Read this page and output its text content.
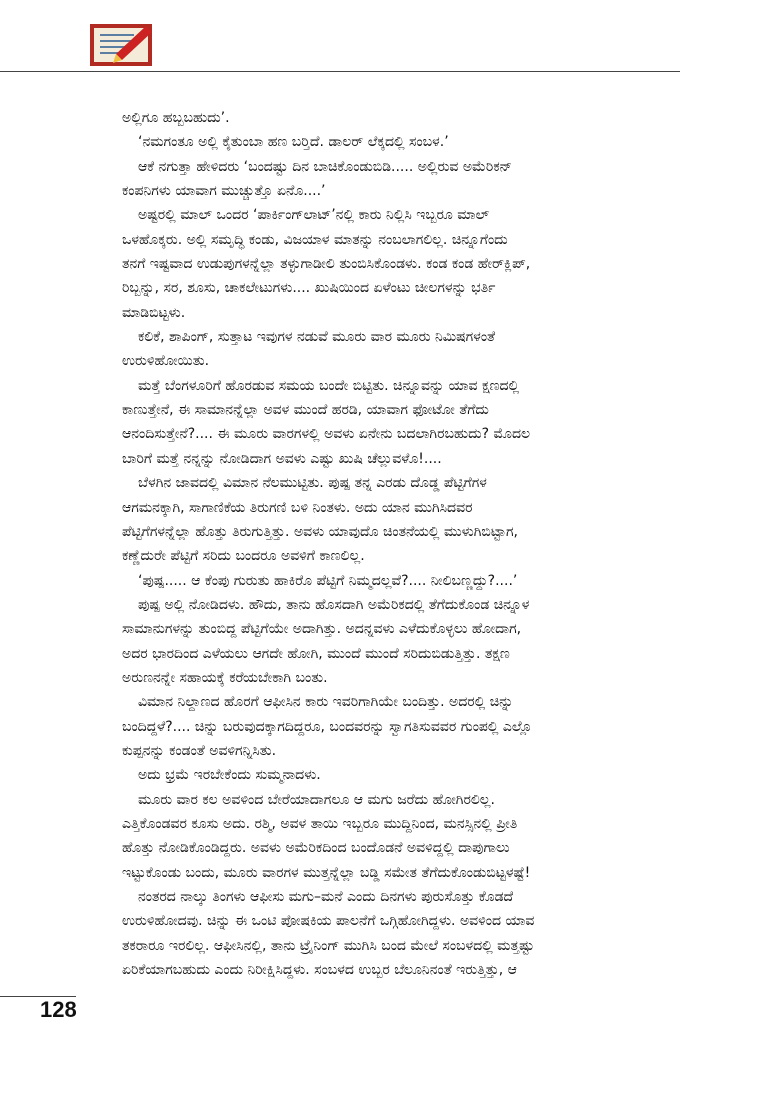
ಅಲ್ಲಿಗೂ ಹಬ್ಬಬಹುದು’.
‘ನಮಗಂತೂ ಅಲ್ಲಿ ಕೈತುಂಬಾ ಹಣ ಬರ್‍ತಿದೆ. ಡಾಲರ್ ಲೆಕ್ಕದಲ್ಲಿ ಸಂಬಳ.’
ಆಕೆ ನಗುತ್ತಾ ಹೇಳಿದರು ‘ಬಂದಷ್ಟು ದಿನ ಬಾಚಿಕೊಂಡುಬಿಡಿ..... ಅಲ್ಲಿರುವ ಅಮೆರಿಕನ್
ಕಂಪನಿಗಳು ಯಾವಾಗ ಮುಚ್ಚುತ್ತೊ ಏನೊ....’
ಅಷ್ಟರಲ್ಲಿ ಮಾಲ್ ಒಂದರ ‘ಪಾರ್ಕಿಂಗ್‌ಲಾಟ್’ನಲ್ಲಿ ಕಾರು ನಿಲ್ಲಿಸಿ ಇಬ್ಬರೂ ಮಾಲ್
ಒಳಹೊಕ್ಕರು. ಅಲ್ಲಿ ಸಮೃದ್ಧಿ ಕಂಡು, ವಿಜಯಾಳ ಮಾತನ್ನು ನಂಬಲಾಗಲಿಲ್ಲ. ಚಿನ್ನೂಗೆಂದು
ತನಗೆ ಇಷ್ಟವಾದ ಉಡುಪುಗಳನ್ನೆಲ್ಲಾ ತಳ್ಳುಗಾಡೀಲಿ ತುಂಬಿಸಿಕೊಂಡಳು. ಕಂಡ ಕಂಡ ಹೇರ್‌ಕ್ಲಿಪ್,
ರಿಬ್ಬನ್ನು, ಸರ, ಶೂಸು, ಚಾಕಲೇಟುಗಳು.... ಖುಷಿಯಿಂದ ಏಳೆಂಟು ಚೀಲಗಳನ್ನು ಭರ್ತಿ
ಮಾಡಿಬಿಟ್ಟಳು.
ಕಲಿಕೆ, ಶಾಪಿಂಗ್, ಸುತ್ತಾಟ ಇವುಗಳ ನಡುವೆ ಮೂರು ವಾರ ಮೂರು ನಿಮಿಷಗಳಂತೆ
ಉರುಳಿಹೋಯಿತು.
ಮತ್ತೆ ಬೆಂಗಳೂರಿಗೆ ಹೊರಡುವ ಸಮಯ ಬಂದೇ ಬಿಟ್ಟಿತು. ಚಿನ್ನೂವನ್ನು ಯಾವ ಕ್ಷಣದಲ್ಲಿ
ಕಾಣುತ್ತೇನೆ, ಈ ಸಾಮಾನನ್ನೆಲ್ಲಾ ಅವಳ ಮುಂದೆ ಹರಡಿ, ಯಾವಾಗ ಫೋಟೋ ತೆಗೆದು
ಆನಂದಿಸುತ್ತೇನೆ?.... ಈ ಮೂರು ವಾರಗಳಲ್ಲಿ ಅವಳು ಏನೇನು ಬದಲಾಗಿರಬಹುದು? ಮೊದಲ
ಬಾರಿಗೆ ಮತ್ತೆ ನನ್ನನ್ನು ನೋಡಿದಾಗ ಅವಳು ಎಷ್ಟು ಖುಷಿ ಚೆಲ್ಲುವಳೊ!....
ಬೆಳಗಿನ ಜಾವದಲ್ಲಿ ವಿಮಾನ ನೆಲಮುಟ್ಟಿತು. ಪುಷ್ಪ ತನ್ನ ಎರಡು ದೊಡ್ಡ ಪೆಟ್ಟಿಗೆಗಳ
ಆಗಮನಕ್ಕಾಗಿ, ಸಾಗಾಣಿಕೆಯ ತಿರುಗಣಿ ಬಳಿ ನಿಂತಳು. ಅದು ಯಾನ ಮುಗಿಸಿದವರ
ಪೆಟ್ಟಿಗೆಗಳನ್ನೆಲ್ಲಾ ಹೊತ್ತು ತಿರುಗುತ್ತಿತ್ತು. ಅವಳು ಯಾವುದೊ ಚಿಂತನೆಯಲ್ಲಿ ಮುಳುಗಿಬಿಟ್ಟಾಗ,
ಕಣ್ಣೆದುರೇ ಪೆಟ್ಟಿಗೆ ಸರಿದು ಬಂದರೂ ಅವಳಿಗೆ ಕಾಣಲಿಲ್ಲ.
‘ಪುಷ್ಪ..... ಆ ಕೆಂಪು ಗುರುತು ಹಾಕಿರೊ ಪೆಟ್ಟಿಗೆ ನಿಮ್ಮದಲ್ಲವೆ?.... ನೀಲಿಬಣ್ಣದ್ದು?....’
ಪುಷ್ಪ ಅಲ್ಲಿ ನೋಡಿದಳು. ಹೌದು, ತಾನು ಹೊಸದಾಗಿ ಅಮೆರಿಕದಲ್ಲಿ ತೆಗೆದುಕೊಂಡ ಚಿನ್ನೂಳ
ಸಾಮಾನುಗಳನ್ನು ತುಂಬಿದ್ದ ಪೆಟ್ಟಿಗೆಯೇ ಅದಾಗಿತ್ತು. ಅದನ್ನವಳು ಎಳೆದುಕೊಳ್ಳಲು ಹೋದಾಗ,
ಅದರ ಭಾರದಿಂದ ಎಳೆಯಲು ಆಗದೇ ಹೋಗಿ, ಮುಂದೆ ಮುಂದೆ ಸರಿದುಬಿಡುತ್ತಿತ್ತು. ತಕ್ಷಣ
ಅರುಣನನ್ನೇ ಸಹಾಯಕ್ಕೆ ಕರೆಯಬೇಕಾಗಿ ಬಂತು.
ವಿಮಾನ ನಿಲ್ದಾಣದ ಹೊರಗೆ ಆಫೀಸಿನ ಕಾರು ಇವರಿಗಾಗಿಯೇ ಬಂದಿತ್ತು. ಅದರಲ್ಲಿ ಚಿನ್ನು
ಬಂದಿದ್ದಳೆ?.... ಚಿನ್ನು ಬರುವುದಕ್ಕಾಗದಿದ್ದರೂ, ಬಂದವರನ್ನು ಸ್ವಾಗತಿಸುವವರ ಗುಂಪಲ್ಲಿ ಎಲ್ಲೊ
ಕುಪ್ಪನನ್ನು ಕಂಡಂತೆ ಅವಳಿಗನ್ನಿಸಿತು.
ಅದು ಭ್ರಮೆ ಇರಬೇಕೆಂದು ಸುಮ್ಮನಾದಳು.
ಮೂರು ವಾರ ಕಲ ಅವಳಿಂದ ಬೇರೆಯಾದಾಗಲೂ ಆ ಮಗು ಜರೆದು ಹೋಗಿರಲಿಲ್ಲ.
ಎತ್ತಿಕೊಂಡವರ ಕೂಸು ಅದು. ರಶ್ಮಿ, ಅವಳ ತಾಯಿ ಇಬ್ಬರೂ ಮುದ್ದಿನಿಂದ, ಮನಸ್ಸಿನಲ್ಲಿ ಪ್ರೀತಿ
ಹೊತ್ತು ನೋಡಿಕೊಂಡಿದ್ದರು. ಅವಳು ಅಮೆರಿಕದಿಂದ ಬಂದೊಡನೆ ಅವಳಿದ್ದಲ್ಲಿ ದಾಪುಗಾಲು
ಇಟ್ಟುಕೊಂಡು ಬಂದು, ಮೂರು ವಾರಗಳ ಮುತ್ತನ್ನೆಲ್ಲಾ ಬಡ್ಡಿ ಸಮೇತ ತೆಗೆದುಕೊಂಡುಬಿಟ್ಟಳಷ್ಟೆ!
ನಂತರದ ನಾಲ್ಕು ತಿಂಗಳು ಆಫೀಸು ಮಗು–ಮನೆ ಎಂದು ದಿನಗಳು ಪುರುಸೊತ್ತು ಕೊಡದೆ
ಉರುಳಿಹೋದವು. ಚಿನ್ನು ಈ ಒಂಟಿ ಪೋಷಕಿಯ ಪಾಲನೆಗೆ ಒಗ್ಗಿಹೋಗಿದ್ದಳು. ಅವಳಿಂದ ಯಾವ
ತಕರಾರೂ ಇರಲಿಲ್ಲ. ಆಫೀಸಿನಲ್ಲಿ, ತಾನು ಟ್ರೈನಿಂಗ್ ಮುಗಿಸಿ ಬಂದ ಮೇಲೆ ಸಂಬಳದಲ್ಲಿ ಮತ್ತಷ್ಟು
ಏರಿಕೆಯಾಗಬಹುದು ಎಂದು ನಿರೀಕ್ಷಿಸಿದ್ದಳು. ಸಂಬಳದ ಉಬ್ಬರ ಬೆಲೂನಿನಂತೆ ಇರುತ್ತಿತ್ತು, ಆ
128
